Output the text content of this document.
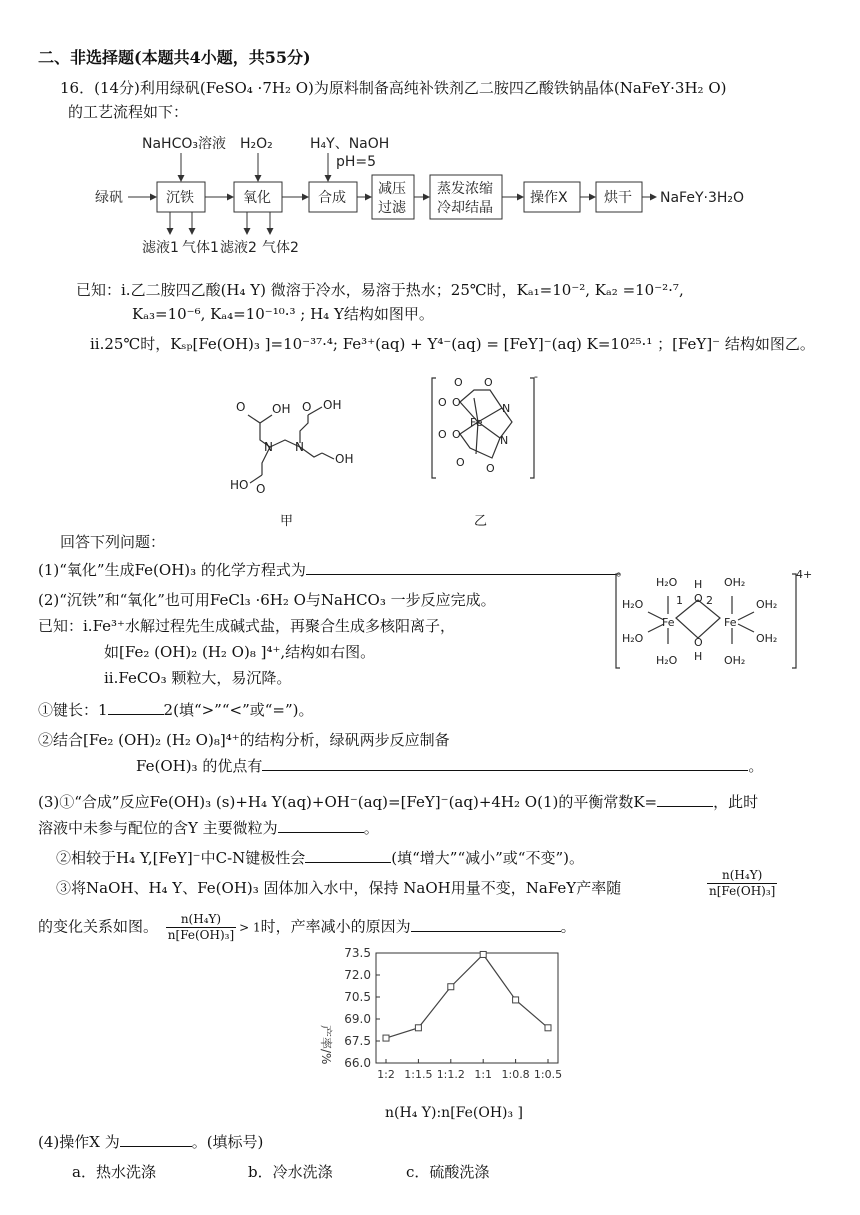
二、非选择题(本题共4小题，共55分)
16．(14分)利用绿矾(FeSO₄ ·7H₂ O)为原料制备高纯补铁剂乙二胺四乙酸铁钠晶体(NaFeY·3H₂ O)
的工艺流程如下：
绿矾	沉铁	氧化	合成
减压
过滤
蒸发浓缩
冷却结晶
操作X	烘干 NaFeY·3H₂O
NaHCO₃溶液 H₂O₂	H₄Y、NaOH
pH=5
滤液1 气体1 滤液2 气体2
已知：i.乙二胺四乙酸(H₄ Y) 微溶于冷水，易溶于热水；25℃时，Kₐ₁=10⁻², Kₐ₂ =10⁻²·⁷,
Kₐ₃=10⁻⁶, Kₐ₄=10⁻¹⁰·³ ; H₄ Y结构如图甲。
ii.25℃时，Kₛₚ[Fe(OH)₃ ]=10⁻³⁷·⁴; Fe³⁺(aq) + Y⁴⁻(aq) = [FeY]⁻(aq) K=10²⁵·¹ ；[FeY]⁻ 结构如图乙。
O OH O OH
N N
HO O
OH
甲
O O
O O
O O
O O
N
N
Fe
-
乙
回答下列问题：
(1)“氧化”生成Fe(OH)₃ 的化学方程式为	。
(2)“沉铁”和“氧化”也可用FeCl₃ ·6H₂ O与NaHCO₃ 一步反应完成。
已知：i.Fe³⁺水解过程先生成碱式盐，再聚合生成多核阳离子，
如[Fe₂ (OH)₂ (H₂ O)₈ ]⁴⁺,结构如右图。
ii.FeCO₃ 颗粒大，易沉降。
①键长：1	2(填“>”“<”或“=”)。
②结合[Fe₂ (OH)₂ (H₂ O)₈]⁴⁺的结构分析，绿矾两步反应制备
Fe(OH)₃ 的优点有	。
H₂O
H₂O
H₂O
H₂O
OH₂
OH₂
OH₂
OH₂
1 2
H
O
O
H
Fe	Fe
4+
(3)①“合成”反应Fe(OH)₃ (s)+H₄ Y(aq)+OH⁻(aq)=[FeY]⁻(aq)+4H₂ O(1)的平衡常数K=	，此时
溶液中未参与配位的含Y 主要微粒为	。
②相较于H₄ Y,[FeY]⁻中C-N键极性会	(填“增大”“减小”或“不变”)。
③将NaOH、H₄ Y、Fe(OH)₃ 固体加入水中，保持 NaOH用量不变，NaFeY产率随	$\frac{\text{n(H₄Y)}}{\text{n[Fe(OH)₃]}}$
的变化关系如图。 $\frac{\text{n(H₄Y)}}{\text{n[Fe(OH)₃]}} > 1$时，产率减小的原因为	。
产率/% 66.0
67.5
69.0
70.5
72.0
73.5
1:2 1:1.5 1:1.2 1:1 1:0.8 1:0.5
n(H₄ Y):n[Fe(OH)₃ ]
(4)操作X 为	。(填标号)
a．热水洗涤	b．冷水洗涤	c．硫酸洗涤
